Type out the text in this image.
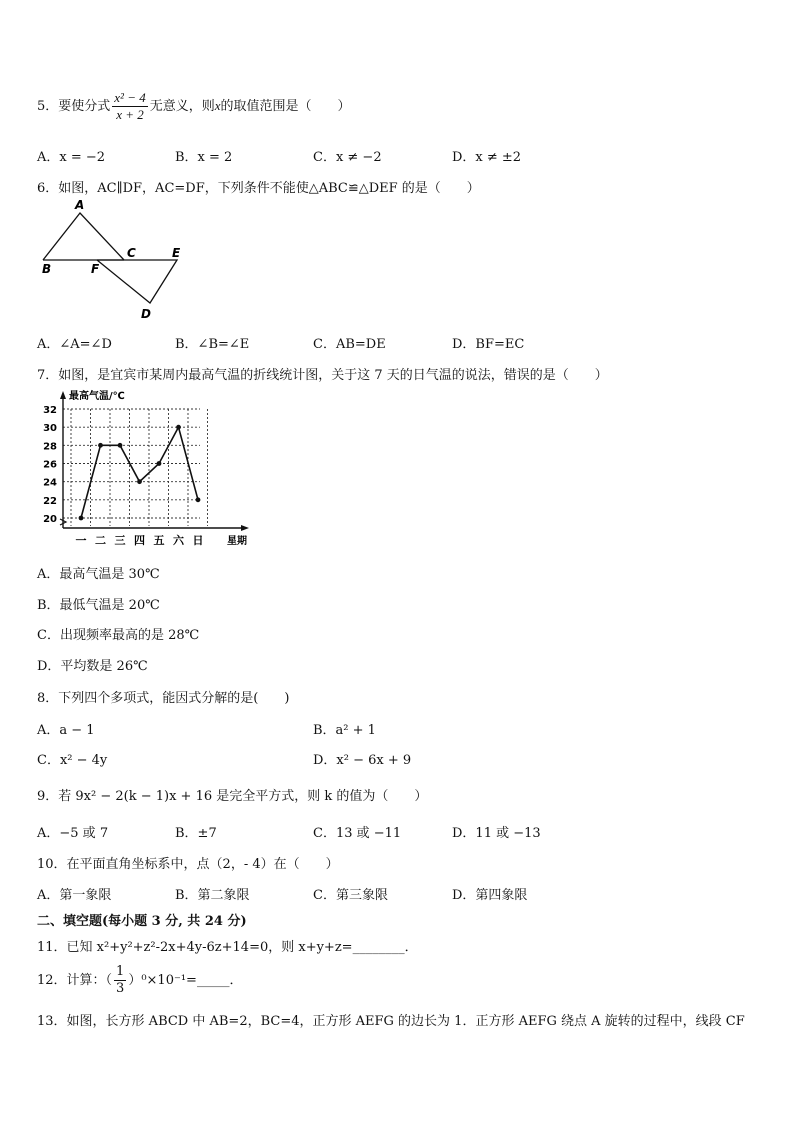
5．要使分式 $\frac{\text{x² − 4}}{x + 2}$ 无意义，则x的取值范围是（　　）
A．x = −2	B．x = 2	C．x ≠ −2	D．x ≠ ±2
6．如图，AC∥DF，AC=DF，下列条件不能使△ABC≌△DEF 的是（　　）
A
B	F
C	E
D
A．∠A=∠D	B．∠B=∠E	C．AB=DE	D．BF=EC
7．如图，是宜宾市某周内最高气温的折线统计图，关于这 7 天的日气温的说法，错误的是（　　）
20
22
24
26
28
30
32
最高气温/℃
一 二 三 四 五 六 日 星期
A．最高气温是 30℃
B．最低气温是 20℃
C．出现频率最高的是 28℃
D．平均数是 26℃
8．下列四个多项式，能因式分解的是(　　)
A．a − 1	B．a² + 1
C．x² − 4y	D．x² − 6x + 9
9．若 9x² − 2(k − 1)x + 16 是完全平方式，则 k 的值为（　　）
A．−5 或 7	B．±7	C．13 或 −11	D．11 或 −13
10．在平面直角坐标系中，点（2，- 4）在（　　）
A．第一象限	B．第二象限	C．第三象限	D．第四象限
二、填空题(每小题 3 分, 共 24 分)
11．已知 x²+y²+z²-2x+4y-6z+14=0，则 x+y+z=________．
12．计算：（ $\frac{1}{3}$ ）⁰×10⁻¹=_____．
13．如图，长方形 ABCD 中 AB=2，BC=4，正方形 AEFG 的边长为 1．正方形 AEFG 绕点 A 旋转的过程中，线段 CF
